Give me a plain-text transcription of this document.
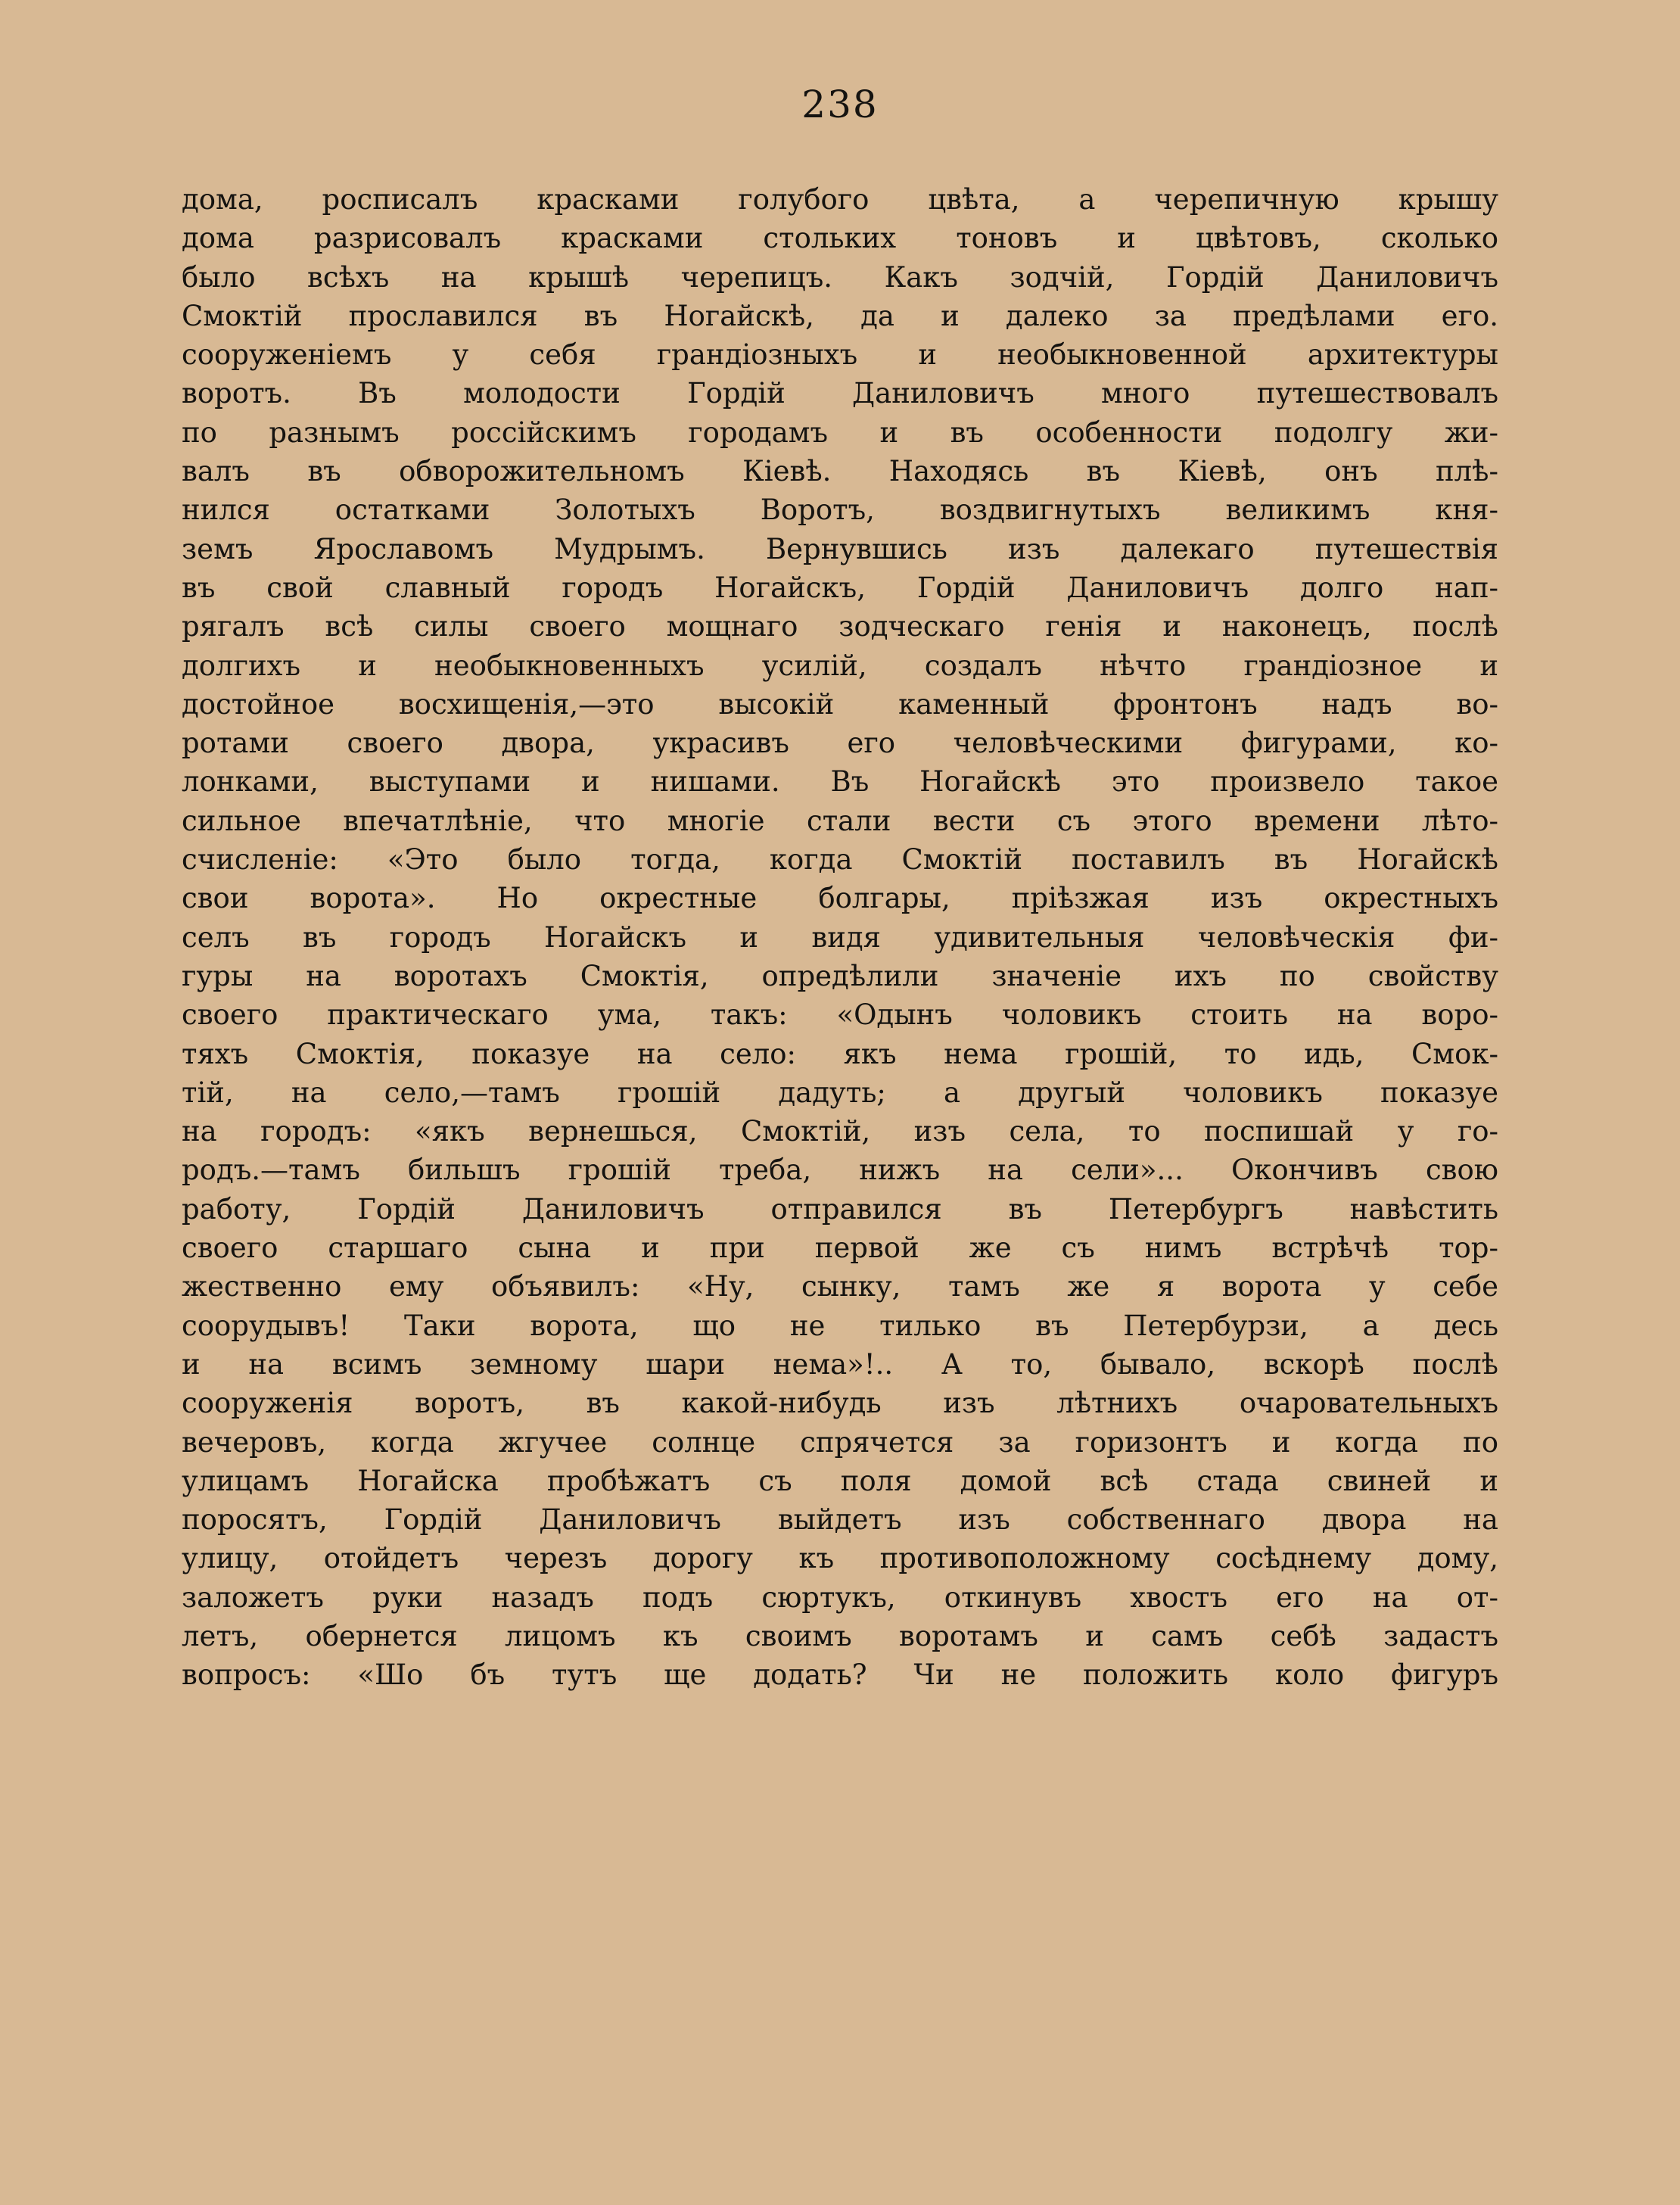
238
дома, росписалъ красками голубого цвѣта, а черепичную крышу
дома разрисовалъ красками стольких тоновъ и цвѣтовъ, сколько
было всѣхъ на крышѣ черепицъ. Какъ зодчій, Гордій Даниловичъ
Смоктій прославился въ Ногайскѣ, да и далеко за предѣлами его.
сооруженіемъ у себя грандіозныхъ и необыкновенной архитектуры
воротъ. Въ молодости Гордій Даниловичъ много путешествовалъ
по разнымъ россійскимъ городамъ и въ особенности подолгу жи-
валъ въ обворожительномъ Кіевѣ. Находясь въ Кіевѣ, онъ плѣ-
нился остатками Золотыхъ Воротъ, воздвигнутыхъ великимъ кня-
земъ Ярославомъ Мудрымъ. Вернувшись изъ далекаго путешествія
въ свой славный городъ Ногайскъ, Гордій Даниловичъ долго нап-
рягалъ всѣ силы своего мощнаго зодческаго генія и наконецъ, послѣ
долгихъ и необыкновенныхъ усилій, создалъ нѣчто грандіозное и
достойное восхищенія,—это высокій каменный фронтонъ надъ во-
ротами своего двора, украсивъ его человѣческими фигурами, ко-
лонками, выступами и нишами. Въ Ногайскѣ это произвело такое
сильное впечатлѣніе, что многіе стали вести съ этого времени лѣто-
счисленіе: «Это было тогда, когда Смоктій поставилъ въ Ногайскѣ
свои ворота». Но окрестные болгары, пріѣзжая изъ окрестныхъ
селъ въ городъ Ногайскъ и видя удивительныя человѣческія фи-
гуры на воротахъ Смоктія, опредѣлили значеніе ихъ по свойству
своего практическаго ума, такъ: «Одынъ чоловикъ стоить на воро-
тяхъ Смоктія, показуе на село: якъ нема грошій, то идь, Смок-
тій, на село,—тамъ грошій дадуть; а другый чоловикъ показуе
на городъ: «якъ вернешься, Смоктій, изъ села, то поспишай у го-
родъ.—тамъ бильшъ грошій треба, нижъ на сели»... Окончивъ свою
работу, Гордій Даниловичъ отправился въ Петербургъ навѣстить
своего старшаго сына и при первой же съ нимъ встрѣчѣ тор-
жественно ему объявилъ: «Ну, сынку, тамъ же я ворота у себе
соорудывъ! Таки ворота, що не тилько въ Петербурзи, а десь
и на всимъ земному шари нема»!.. А то, бывало, вскорѣ послѣ
сооруженія воротъ, въ какой-нибудь изъ лѣтнихъ очаровательныхъ
вечеровъ, когда жгучее солнце спрячется за горизонтъ и когда по
улицамъ Ногайска пробѣжатъ съ поля домой всѣ стада свиней и
поросятъ, Гордій Даниловичъ выйдетъ изъ собственнаго двора на
улицу, отойдетъ черезъ дорогу къ противоположному сосѣднему дому,
заложетъ руки назадъ подъ сюртукъ, откинувъ хвостъ его на от-
летъ, обернется лицомъ къ своимъ воротамъ и самъ себѣ задастъ
вопросъ: «Шо бъ тутъ ще додать? Чи не положить коло фигуръ
